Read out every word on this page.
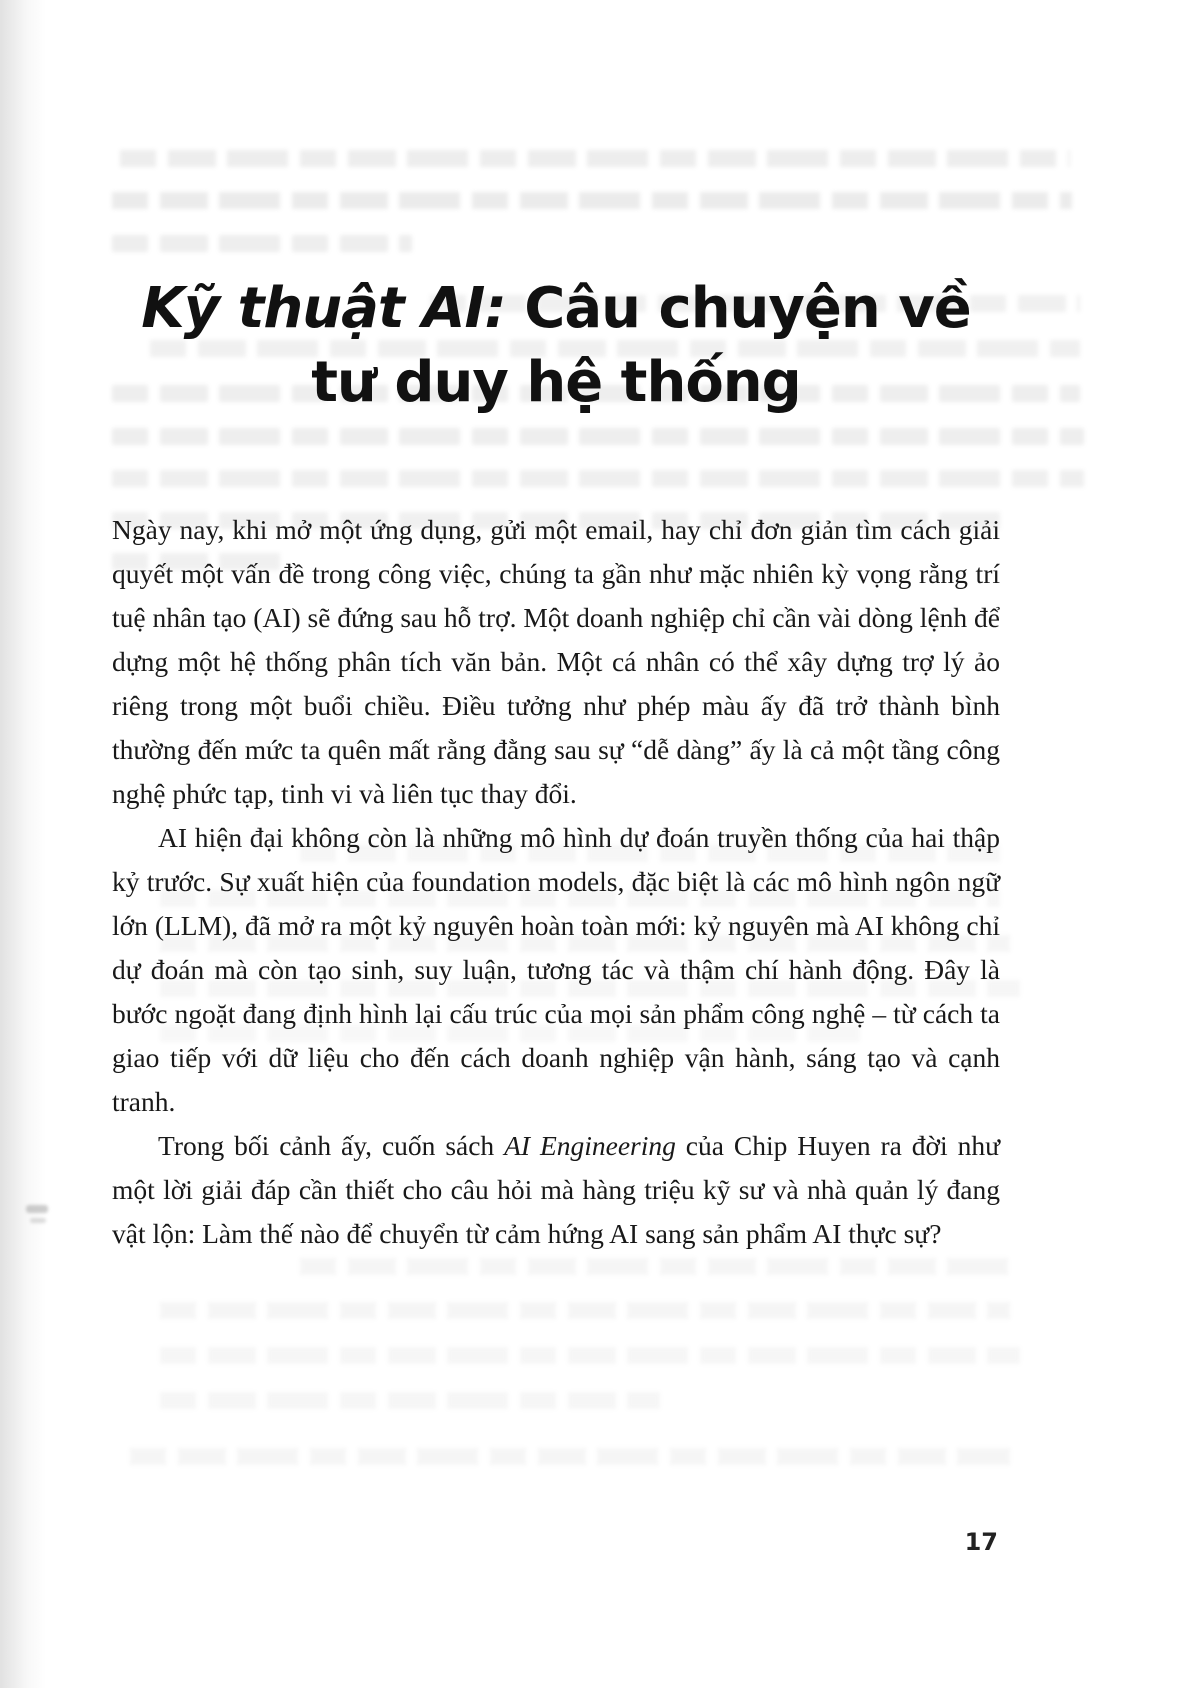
Kỹ thuật AI: Câu chuyện về
tư duy hệ thống

Ngày nay, khi mở một ứng dụng, gửi một email, hay chỉ đơn giản tìm cách giải quyết một vấn đề trong công việc, chúng ta gần như mặc nhiên kỳ vọng rằng trí tuệ nhân tạo (AI) sẽ đứng sau hỗ trợ. Một doanh nghiệp chỉ cần vài dòng lệnh để dựng một hệ thống phân tích văn bản. Một cá nhân có thể xây dựng trợ lý ảo riêng trong một buổi chiều. Điều tưởng như phép màu ấy đã trở thành bình thường đến mức ta quên mất rằng đằng sau sự “dễ dàng” ấy là cả một tầng công nghệ phức tạp, tinh vi và liên tục thay đổi.

AI hiện đại không còn là những mô hình dự đoán truyền thống của hai thập kỷ trước. Sự xuất hiện của foundation models, đặc biệt là các mô hình ngôn ngữ lớn (LLM), đã mở ra một kỷ nguyên hoàn toàn mới: kỷ nguyên mà AI không chỉ dự đoán mà còn tạo sinh, suy luận, tương tác và thậm chí hành động. Đây là bước ngoặt đang định hình lại cấu trúc của mọi sản phẩm công nghệ – từ cách ta giao tiếp với dữ liệu cho đến cách doanh nghiệp vận hành, sáng tạo và cạnh tranh.

Trong bối cảnh ấy, cuốn sách AI Engineering của Chip Huyen ra đời như một lời giải đáp cần thiết cho câu hỏi mà hàng triệu kỹ sư và nhà quản lý đang vật lộn: Làm thế nào để chuyển từ cảm hứng AI sang sản phẩm AI thực sự?

17
